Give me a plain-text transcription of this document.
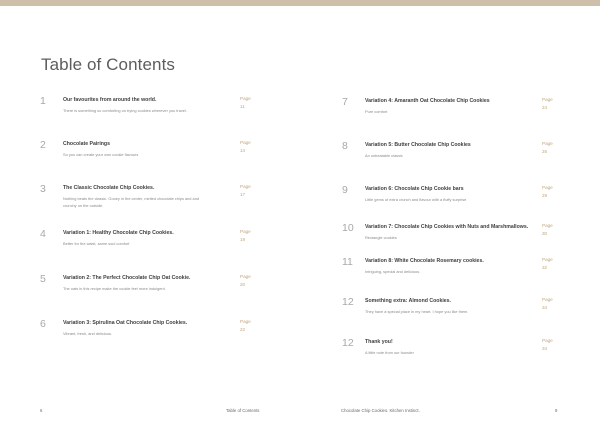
Table of Contents
1	Our favourites from around the world.
There is something so comforting on trying cookies wherever you travel.
Page
11
2	Chocolate Pairings
So you can create your own cookie flavours
Page
14
3	The Classic Chocolate Chip Cookies.
Nothing beats the classic. Gooey in the center, melted chocolate chips and and crunchy on the outside.
Page
17
4	Variation 1: Healthy Chocolate Chip Cookies.
Better for the waist, same soul comfort
Page
19
5	Variation 2: The Perfect Chocolate Chip Oat Cookie.
The oats in this recipe make the cookie feel more indulgent.
Page
20
6	Variation 3: Spirulina Oat Chocolate Chip Cookies.
Vibrant, fresh, and delicious.
Page
22
7	Variation 4: Amaranth Oat Chocolate Chip Cookies
Pure comfort
Page
24
8	Variation 5: Butter Chocolate Chip Cookies
An unbeatable classic
Page
26
9	Variation 6: Chocolate Chip Cookie bars
Little gems of extra crunch and flavour with a fluffy surprise
Page
29
10 Variation 7: Chocolate Chip Cookies with Nuts and Marshmallows.
Rectangle cookies
Page
30
11 Variation 8: White Chocolate Rosemary cookies.
Intriguing, special and delicious.
Page
32
12 Something extra: Almond Cookies.
They have a special place in my heart. I hope you like them.
Page
34
12 Thank you!
A little note from our founder
Page
34
6	Table of Contents	Chocolate Chip Cookies. Kitchen Instinct.	9
